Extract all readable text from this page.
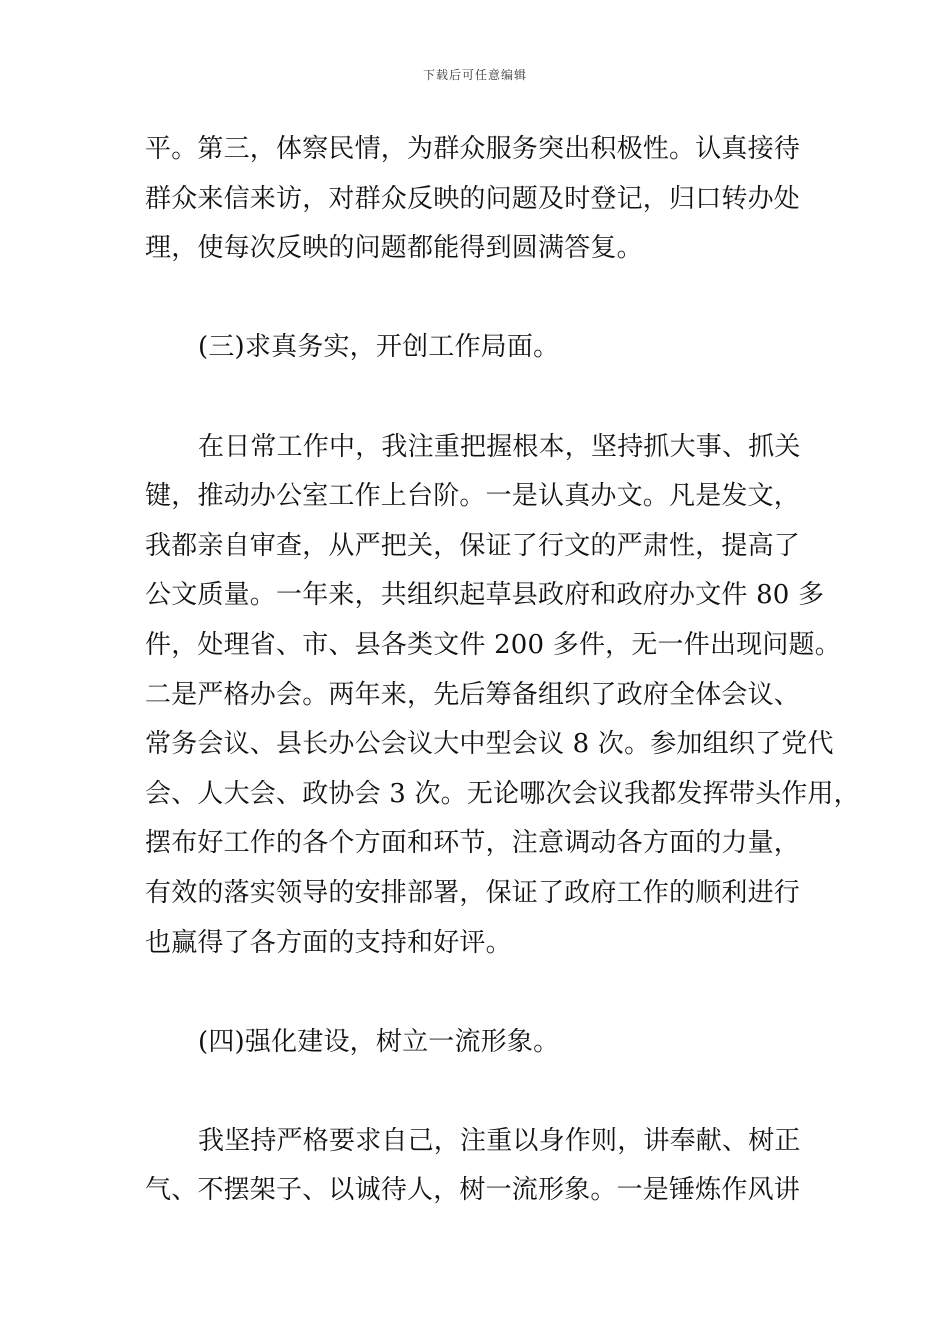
下载后可任意编辑
平。第三，体察民情，为群众服务突出积极性。认真接待
群众来信来访，对群众反映的问题及时登记，归口转办处
理，使每次反映的问题都能得到圆满答复。
(三)求真务实，开创工作局面。
在日常工作中，我注重把握根本，坚持抓大事、抓关
键，推动办公室工作上台阶。一是认真办文。凡是发文，
我都亲自审查，从严把关，保证了行文的严肃性，提高了
公文质量。一年来，共组织起草县政府和政府办文件 80 多
件，处理省、市、县各类文件 200 多件，无一件出现问题。
二是严格办会。两年来，先后筹备组织了政府全体会议、
常务会议、县长办公会议大中型会议 8 次。参加组织了党代
会、人大会、政协会 3 次。无论哪次会议我都发挥带头作用，
摆布好工作的各个方面和环节，注意调动各方面的力量，
有效的落实领导的安排部署，保证了政府工作的顺利进行
也赢得了各方面的支持和好评。
(四)强化建设，树立一流形象。
我坚持严格要求自己，注重以身作则，讲奉献、树正
气、不摆架子、以诚待人，树一流形象。一是锤炼作风讲
